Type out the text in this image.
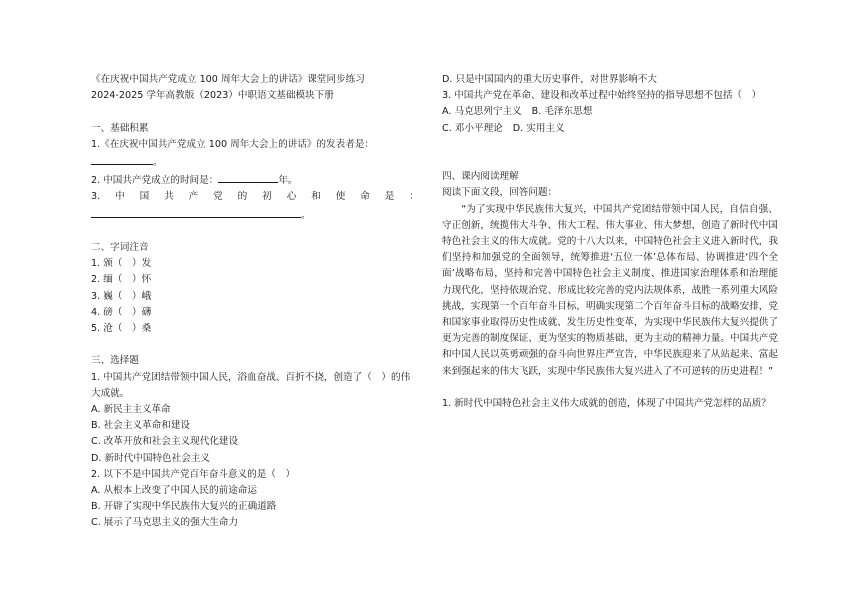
《在庆祝中国共产党成立 100 周年大会上的讲话》课堂同步练习
2024-2025 学年高教版（2023）中职语文基础模块下册
一、基础积累
1.《在庆祝中国共产党成立 100 周年大会上的讲话》的发表者是：
。
2. 中国共产党成立的时间是：	年。
3. 中 国 共 产 党 的 初 心 和 使 命 是 ：
。
二、字词注音
1. 颁（　）发
2. 缅（　）怀
3. 巍（　）峨
4. 磅（　）礴
5. 沧（　）桑
三、选择题
1. 中国共产党团结带领中国人民，浴血奋战、百折不挠，创造了（　）的伟大成就。
A. 新民主主义革命
B. 社会主义革命和建设
C. 改革开放和社会主义现代化建设
D. 新时代中国特色社会主义
2. 以下不是中国共产党百年奋斗意义的是（　）
A. 从根本上改变了中国人民的前途命运
B. 开辟了实现中华民族伟大复兴的正确道路
C. 展示了马克思主义的强大生命力
D. 只是中国国内的重大历史事件，对世界影响不大
3. 中国共产党在革命、建设和改革过程中始终坚持的指导思想不包括（　）
A. 马克思列宁主义 B. 毛泽东思想
C. 邓小平理论 D. 实用主义
四、课内阅读理解
阅读下面文段，回答问题：
“为了实现中华民族伟大复兴，中国共产党团结带领中国人民，自信自强、守正创新，统揽伟大斗争、伟大工程、伟大事业、伟大梦想，创造了新时代中国特色社会主义的伟大成就。党的十八大以来，中国特色社会主义进入新时代，我们坚持和加强党的全面领导，统筹推进‘五位一体’总体布局、协调推进‘四个全面’战略布局，坚持和完善中国特色社会主义制度、推进国家治理体系和治理能力现代化，坚持依规治党、形成比较完善的党内法规体系，战胜一系列重大风险挑战，实现第一个百年奋斗目标，明确实现第二个百年奋斗目标的战略安排，党和国家事业取得历史性成就、发生历史性变革，为实现中华民族伟大复兴提供了更为完善的制度保证、更为坚实的物质基础、更为主动的精神力量。中国共产党和中国人民以英勇顽强的奋斗向世界庄严宣告，中华民族迎来了从站起来、富起来到强起来的伟大飞跃，实现中华民族伟大复兴进入了不可逆转的历史进程！”
1. 新时代中国特色社会主义伟大成就的创造，体现了中国共产党怎样的品质？
